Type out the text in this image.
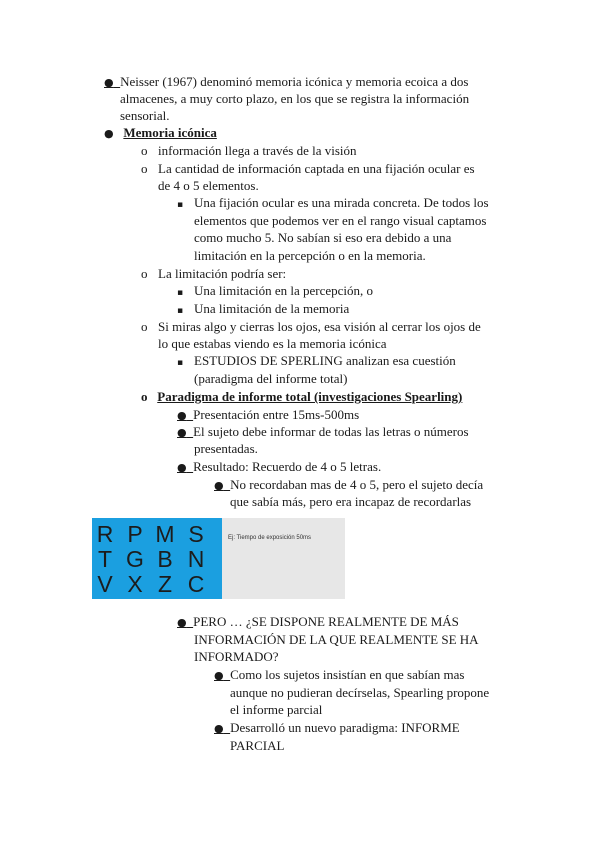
● Neisser (1967) denominó memoria icónica y memoria ecoica a dos
almacenes, a muy corto plazo, en los que se registra la información
sensorial.
● Memoria icónica
o información llega a través de la visión
o La cantidad de información captada en una fijación ocular es
de 4 o 5 elementos.
▪ Una fijación ocular es una mirada concreta. De todos los
elementos que podemos ver en el rango visual captamos
como mucho 5. No sabían si eso era debido a una
limitación en la percepción o en la memoria.
o La limitación podría ser:
▪ Una limitación en la percepción, o
▪ Una limitación de la memoria
o Si miras algo y cierras los ojos, esa visión al cerrar los ojos de
lo que estabas viendo es la memoria icónica
▪ ESTUDIOS DE SPERLING analizan esa cuestión
(paradigma del informe total)
o Paradigma de informe total (investigaciones Spearling)
● Presentación entre 15ms-500ms
● El sujeto debe informar de todas las letras o números
presentadas.
● Resultado: Recuerdo de 4 o 5 letras.
● No recordaban mas de 4 o 5, pero el sujeto decía
que sabía más, pero era incapaz de recordarlas
R P M S
T G B N
V X Z C
Ej: Tiempo de exposición 50ms
● PERO … ¿SE DISPONE REALMENTE DE MÁS
INFORMACIÓN DE LA QUE REALMENTE SE HA
INFORMADO?
● Como los sujetos insistían en que sabían mas
aunque no pudieran decírselas, Spearling propone
el informe parcial
● Desarrolló un nuevo paradigma: INFORME
PARCIAL
